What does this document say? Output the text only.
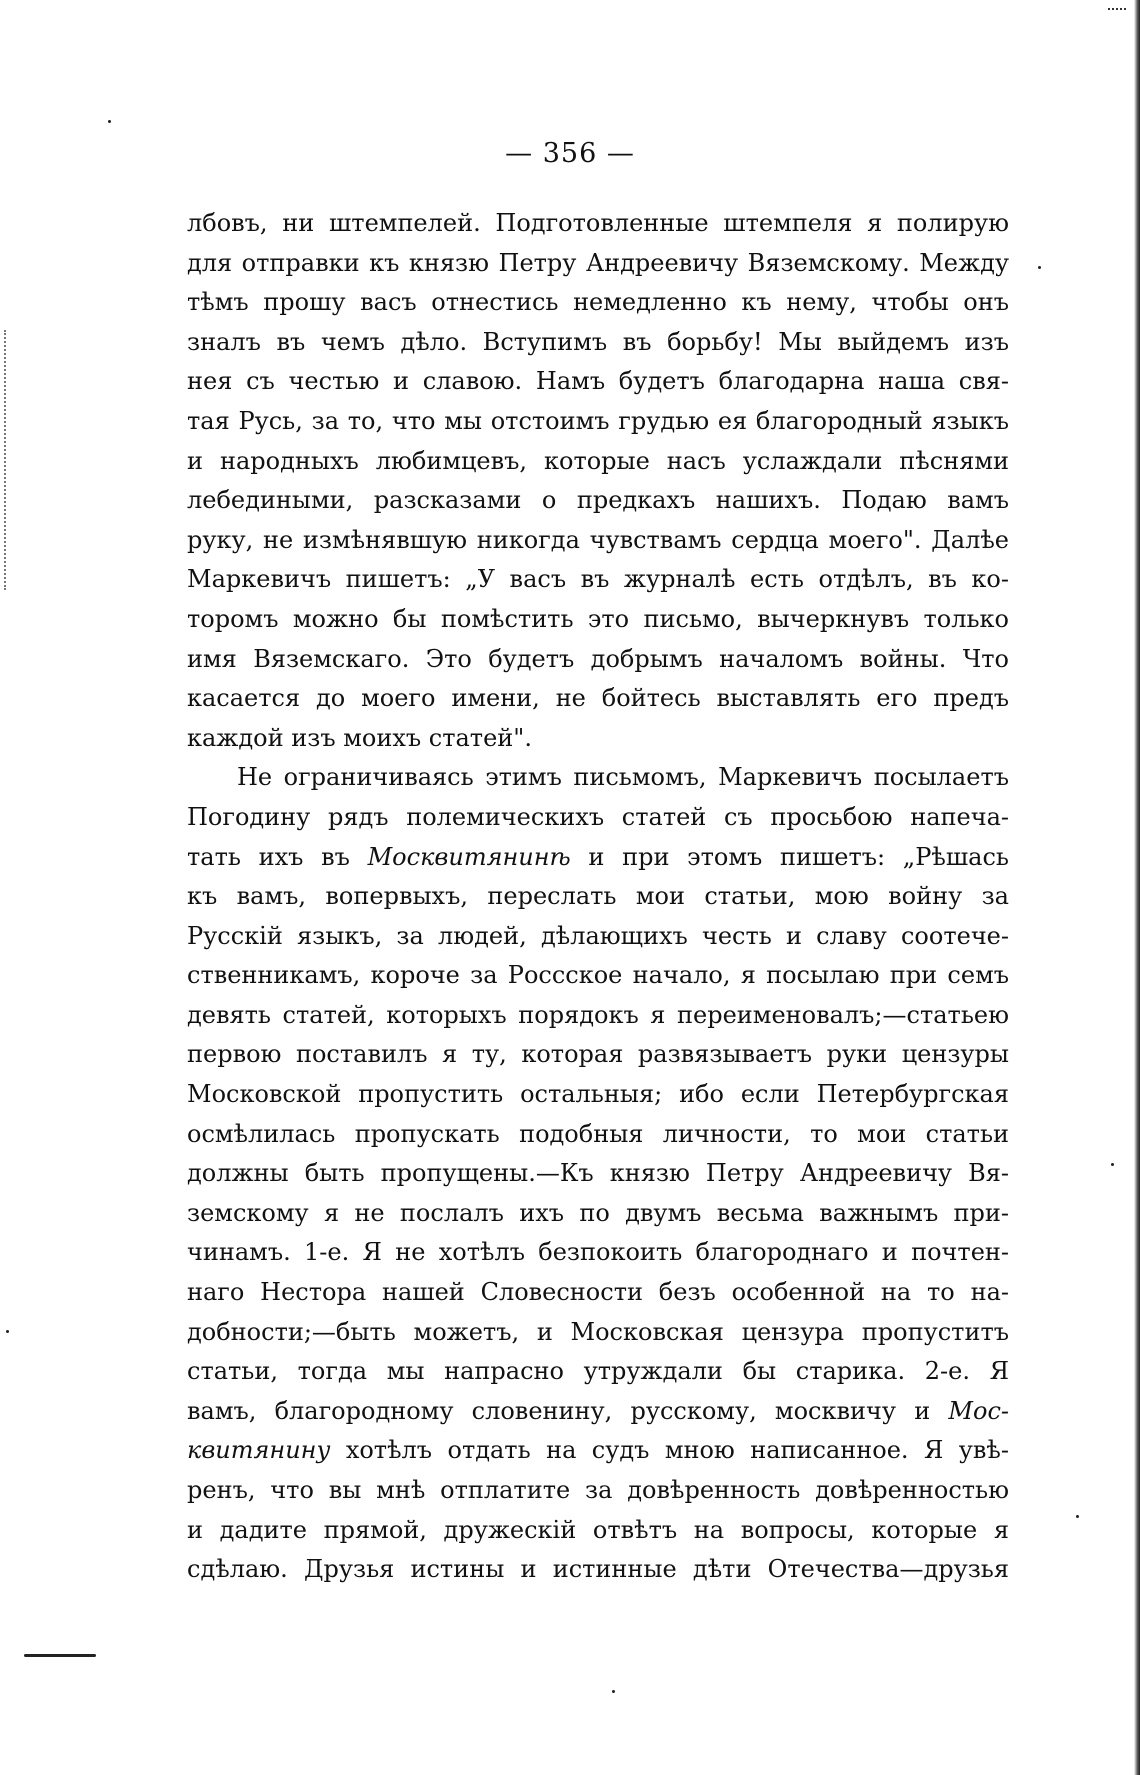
— 356 —
лбовъ, ни штемпелей. Подготовленные штемпеля я полирую
для отправки къ князю Петру Андреевичу Вяземскому. Между
тѣмъ прошу васъ отнестись немедленно къ нему, чтобы онъ
зналъ въ чемъ дѣло. Вступимъ въ борьбу! Мы выйдемъ изъ
нея съ честью и славою. Намъ будетъ благодарна наша свя-
тая Русь, за то, что мы отстоимъ грудью ея благородный языкъ
и народныхъ любимцевъ, которые насъ услаждали пѣснями
лебедиными, разсказами о предкахъ нашихъ. Подаю вамъ
руку, не измѣнявшую никогда чувствамъ сердца моего". Далѣе
Маркевичъ пишетъ: „У васъ въ журналѣ есть отдѣлъ, въ ко-
торомъ можно бы помѣстить это письмо, вычеркнувъ только
имя Вяземскаго. Это будетъ добрымъ началомъ войны. Что
касается до моего имени, не бойтесь выставлять его предъ
каждой изъ моихъ статей".
Не ограничиваясь этимъ письмомъ, Маркевичъ посылаетъ
Погодину рядъ полемическихъ статей съ просьбою напеча-
тать ихъ въ Москвитянинѣ и при этомъ пишетъ: „Рѣшась
къ вамъ, вопервыхъ, переслать мои статьи, мою войну за
Русскій языкъ, за людей, дѣлающихъ честь и славу соотече-
ственникамъ, короче за Россское начало, я посылаю при семъ
девять статей, которыхъ порядокъ я переименовалъ;—статьею
первою поставилъ я ту, которая развязываетъ руки цензуры
Московской пропустить остальныя; ибо если Петербургская
осмѣлилась пропускать подобныя личности, то мои статьи
должны быть пропущены.—Къ князю Петру Андреевичу Вя-
земскому я не послалъ ихъ по двумъ весьма важнымъ при-
чинамъ. 1-е. Я не хотѣлъ безпокоить благороднаго и почтен-
наго Нестора нашей Словесности безъ особенной на то на-
добности;—быть можетъ, и Московская цензура пропуститъ
статьи, тогда мы напрасно утруждали бы старика. 2-е. Я
вамъ, благородному словенину, русскому, москвичу и Мос-
квитянину хотѣлъ отдать на судъ мною написанное. Я увѣ-
ренъ, что вы мнѣ отплатите за довѣренность довѣренностью
и дадите прямой, дружескій отвѣтъ на вопросы, которые я
сдѣлаю. Друзья истины и истинные дѣти Отечества—друзья
